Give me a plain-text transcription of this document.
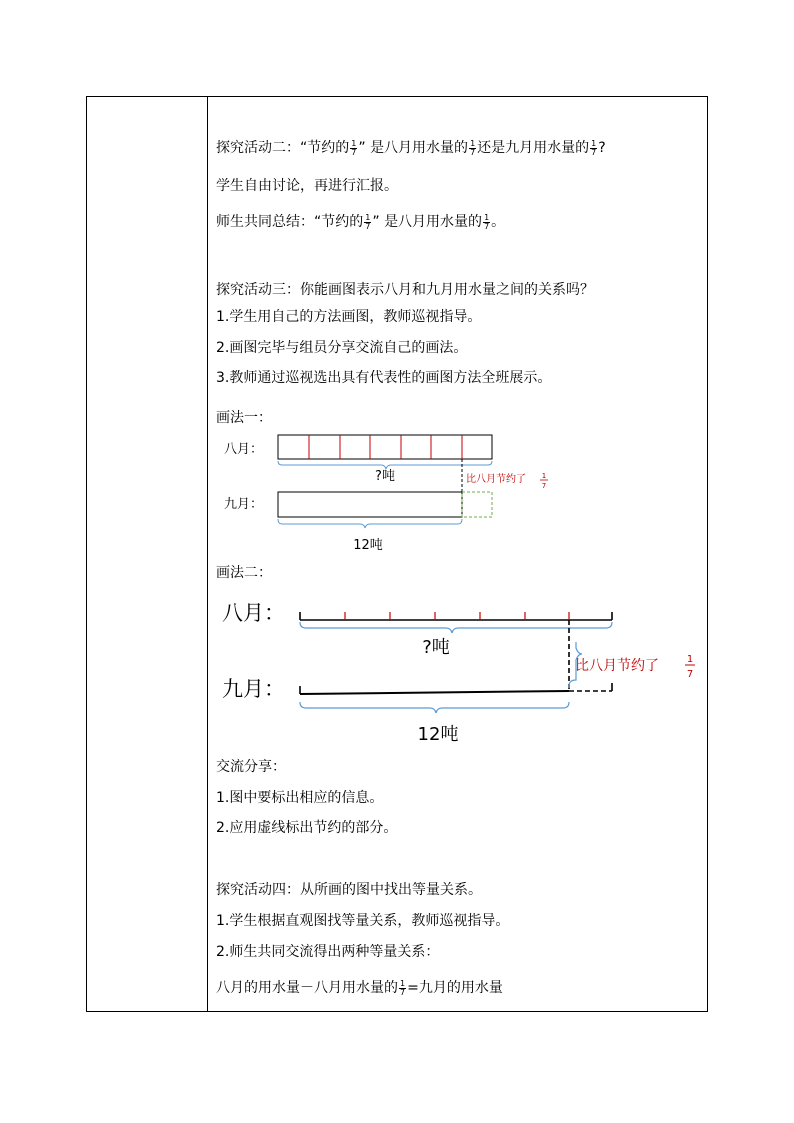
探究活动二：“节约的 $\frac{1}{7}$ ” 是八月用水量的 $\frac{1}{7}$ 还是九月用水量的 $\frac{1}{7}$ ?
学生自由讨论，再进行汇报。
师生共同总结：“节约的 $\frac{1}{7}$ ” 是八月用水量的 $\frac{1}{7}$ 。
探究活动三：你能画图表示八月和九月用水量之间的关系吗？
1.学生用自己的方法画图，教师巡视指导。
2.画图完毕与组员分享交流自己的画法。
3.教师通过巡视选出具有代表性的画图方法全班展示。
画法一：
八月：
?吨	比八月节约了 1
7
九月：
12吨
画法二：
八月：
?吨
比八月节约了	1
7
九月：
12吨
交流分享：
1.图中要标出相应的信息。
2.应用虚线标出节约的部分。
探究活动四：从所画的图中找出等量关系。
1.学生根据直观图找等量关系，教师巡视指导。
2.师生共同交流得出两种等量关系：
八月的用水量－八月用水量的 $\frac{1}{7}$ =九月的用水量
